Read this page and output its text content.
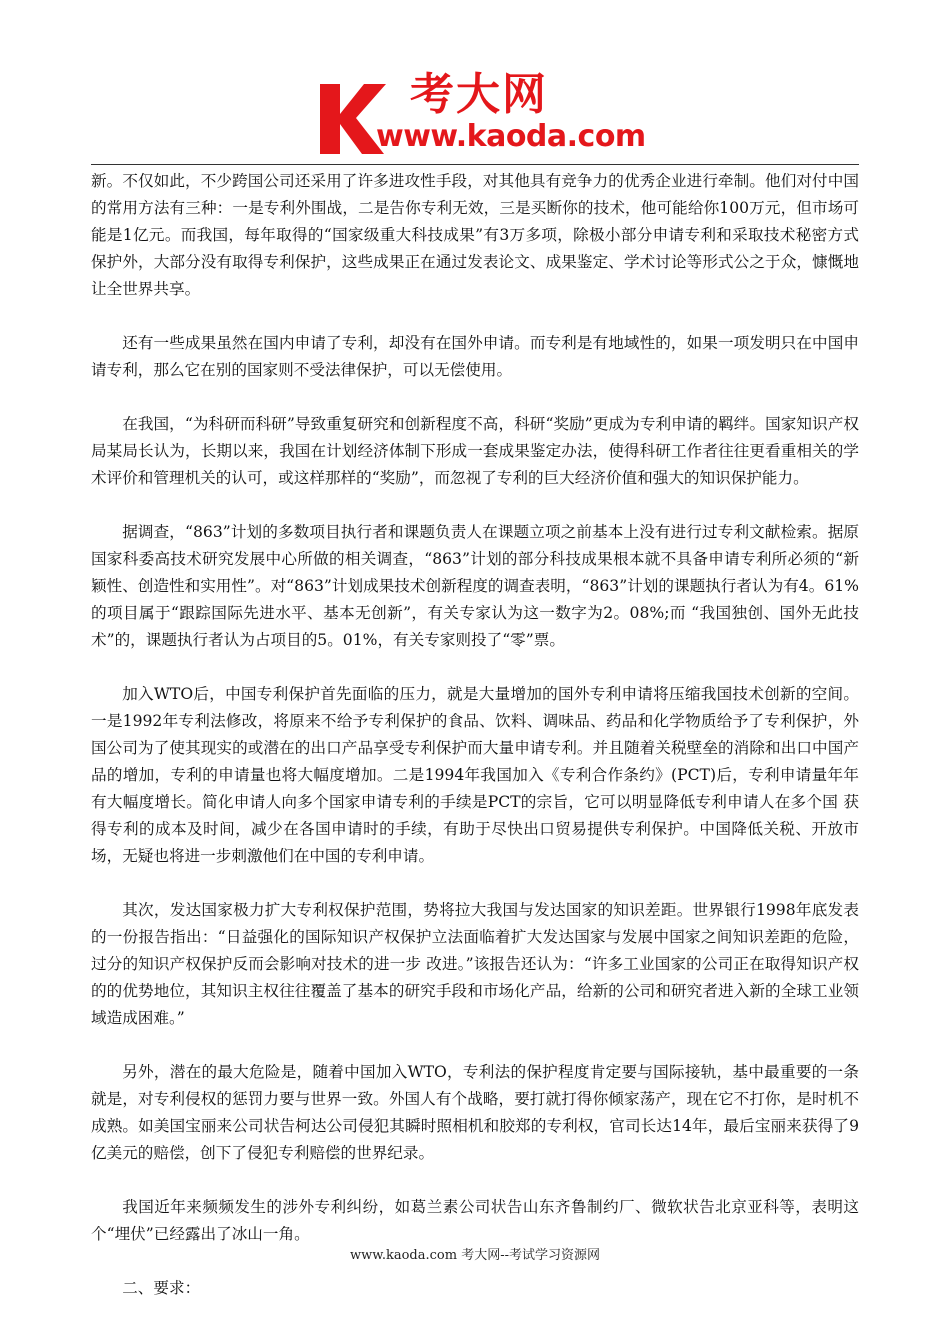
考大网
www.kaoda.com

新。不仅如此，不少跨国公司还采用了许多进攻性手段，对其他具有竞争力的优秀企业进行牵制。他们对付中国的常用方法有三种：一是专利外围战，二是告你专利无效，三是买断你的技术，他可能给你100万元，但市场可能是1亿元。而我国，每年取得的“国家级重大科技成果”有3万多项，除极小部分申请专利和采取技术秘密方式保护外，大部分没有取得专利保护，这些成果正在通过发表论文、成果鉴定、学术讨论等形式公之于众，慷慨地让全世界共享。

还有一些成果虽然在国内申请了专利，却没有在国外申请。而专利是有地域性的，如果一项发明只在中国申请专利，那么它在别的国家则不受法律保护，可以无偿使用。

在我国，“为科研而科研”导致重复研究和创新程度不高，科研“奖励”更成为专利申请的羁绊。国家知识产权局某局长认为，长期以来，我国在计划经济体制下形成一套成果鉴定办法，使得科研工作者往往更看重相关的学术评价和管理机关的认可，或这样那样的“奖励”，而忽视了专利的巨大经济价值和强大的知识保护能力。

据调查，“863”计划的多数项目执行者和课题负责人在课题立项之前基本上没有进行过专利文献检索。据原国家科委高技术研究发展中心所做的相关调查，“863”计划的部分科技成果根本就不具备申请专利所必须的“新颖性、创造性和实用性”。对“863”计划成果技术创新程度的调查表明，“863”计划的课题执行者认为有4。61%的项目属于“跟踪国际先进水平、基本无创新”，有关专家认为这一数字为2。08%;而 “我国独创、国外无此技术”的，课题执行者认为占项目的5。01%，有关专家则投了“零”票。

加入WTO后，中国专利保护首先面临的压力，就是大量增加的国外专利申请将压缩我国技术创新的空间。一是1992年专利法修改，将原来不给予专利保护的食品、饮料、调味品、药品和化学物质给予了专利保护，外国公司为了使其现实的或潜在的出口产品享受专利保护而大量申请专利。并且随着关税壁垒的消除和出口中国产品的增加，专利的申请量也将大幅度增加。二是1994年我国加入《专利合作条约》(PCT)后，专利申请量年年有大幅度增长。简化申请人向多个国家申请专利的手续是PCT的宗旨，它可以明显降低专利申请人在多个国 获得专利的成本及时间，减少在各国申请时的手续，有助于尽快出口贸易提供专利保护。中国降低关税、开放市场，无疑也将进一步刺激他们在中国的专利申请。

其次，发达国家极力扩大专利权保护范围，势将拉大我国与发达国家的知识差距。世界银行1998年底发表的一份报告指出：“日益强化的国际知识产权保护立法面临着扩大发达国家与发展中国家之间知识差距的危险，过分的知识产权保护反而会影响对技术的进一步 改进。”该报告还认为：“许多工业国家的公司正在取得知识产权的的优势地位，其知识主权往往覆盖了基本的研究手段和市场化产品，给新的公司和研究者进入新的全球工业领域造成困难。”

另外，潜在的最大危险是，随着中国加入WTO，专利法的保护程度肯定要与国际接轨，基中最重要的一条就是，对专利侵权的惩罚力要与世界一致。外国人有个战略，要打就打得你倾家荡产，现在它不打你，是时机不成熟。如美国宝丽来公司状告柯达公司侵犯其瞬时照相机和胶郑的专利权，官司长达14年，最后宝丽来获得了9亿美元的赔偿，创下了侵犯专利赔偿的世界纪录。

我国近年来频频发生的涉外专利纠纷，如葛兰素公司状告山东齐鲁制约厂、微软状告北京亚科等，表明这个“埋伏”已经露出了冰山一角。

二、要求：

www.kaoda.com 考大网--考试学习资源网
